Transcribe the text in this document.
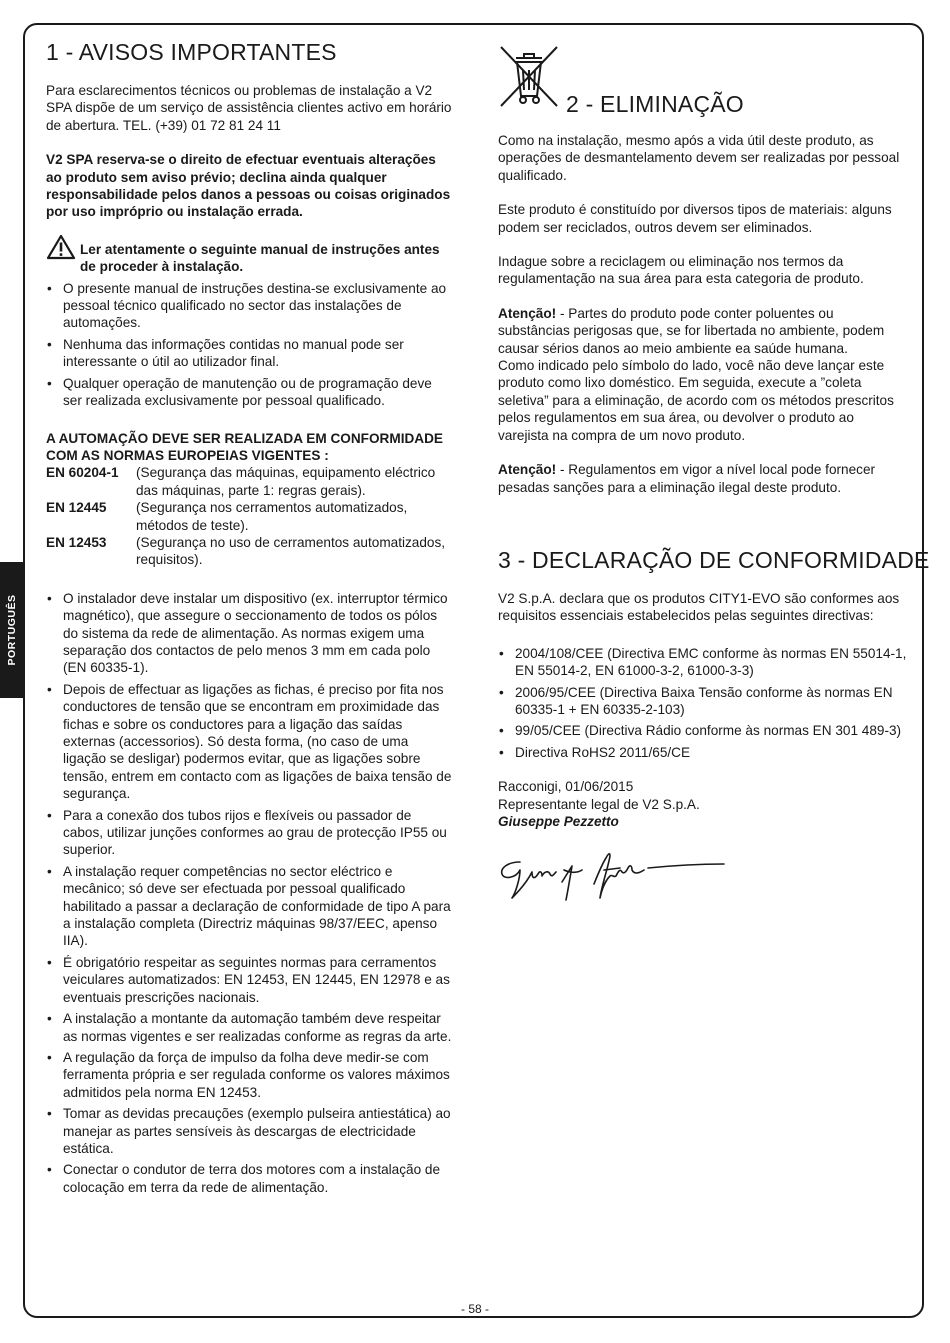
PORTUGUÊS
1 - AVISOS IMPORTANTES

Para esclarecimentos técnicos ou problemas de instalação a V2 SPA dispõe de um serviço de assistência clientes activo em horário de abertura. TEL. (+39) 01 72 81 24 11

V2 SPA reserva-se o direito de efectuar eventuais alterações ao produto sem aviso prévio; declina ainda qualquer responsabilidade pelos danos a pessoas ou coisas originados por uso impróprio ou instalação errada.

Ler atentamente o seguinte manual de instruções antes de proceder à instalação.

• O presente manual de instruções destina-se exclusivamente ao pessoal técnico qualificado no sector das instalações de automações.
• Nenhuma das informações contidas no manual pode ser interessante o útil ao utilizador final.
• Qualquer operação de manutenção ou de programação deve ser realizada exclusivamente por pessoal qualificado.

A AUTOMAÇÃO DEVE SER REALIZADA EM CONFORMIDADE COM AS NORMAS EUROPEIAS VIGENTES :

EN 60204-1	(Segurança das máquinas, equipamento eléctrico das máquinas, parte 1: regras gerais).
EN 12445	(Segurança nos cerramentos automatizados, métodos de teste).
EN 12453	(Segurança no uso de cerramentos automatizados, requisitos).
• O instalador deve instalar um dispositivo (ex. interruptor térmico magnético), que assegure o seccionamento de todos os pólos do sistema da rede de alimentação. As normas exigem uma separação dos contactos de pelo menos 3 mm em cada polo (EN 60335-1).
• Depois de effectuar as ligações as fichas, é preciso por fita nos conductores de tensão que se encontram em proximidade das fichas e sobre os conductores para a ligação das saídas externas (accessorios). Só desta forma, (no caso de uma ligação se desligar) podermos evitar, que as ligações sobre tensão, entrem em contacto com as ligações de baixa tensão de segurança.
• Para a conexão dos tubos rijos e flexíveis ou passador de cabos, utilizar junções conformes ao grau de protecção IP55 ou superior.
• A instalação requer competências no sector eléctrico e mecânico; só deve ser efectuada por pessoal qualificado habilitado a passar a declaração de conformidade de tipo A para a instalação completa (Directriz máquinas 98/37/EEC, apenso IIA).
• É obrigatório respeitar as seguintes normas para cerramentos veiculares automatizados: EN 12453, EN 12445, EN 12978 e as eventuais prescrições nacionais.
• A instalação a montante da automação também deve respeitar as normas vigentes e ser realizadas conforme as regras da arte.
• A regulação da força de impulso da folha deve medir-se com ferramenta própria e ser regulada conforme os valores máximos admitidos pela norma EN 12453.
• Tomar as devidas precauções (exemplo pulseira antiestática) ao manejar as partes sensíveis às descargas de electricidade estática.
• Conectar o condutor de terra dos motores com a instalação de colocação em terra da rede de alimentação.
2 - ELIMINAÇÃO

Como na instalação, mesmo após a vida útil deste produto, as operações de desmantelamento devem ser realizadas por pessoal qualificado.

Este produto é constituído por diversos tipos de materiais: alguns podem ser reciclados, outros devem ser eliminados.

Indague sobre a reciclagem ou eliminação nos termos da regulamentação na sua área para esta categoria de produto.

Atenção! - Partes do produto pode conter poluentes ou substâncias perigosas que, se for libertada no ambiente, podem causar sérios danos ao meio ambiente ea saúde humana.

Como indicado pelo símbolo do lado, você não deve lançar este produto como lixo doméstico. Em seguida, execute a ”coleta seletiva” para a eliminação, de acordo com os métodos prescritos pelos regulamentos em sua área, ou devolver o produto ao varejista na compra de um novo produto.

Atenção! - Regulamentos em vigor a nível local pode fornecer pesadas sanções para a eliminação ilegal deste produto.

3 - DECLARAÇÃO DE CONFORMIDADE

V2 S.p.A. declara que os produtos CITY1-EVO são conformes aos requisitos essenciais estabelecidos pelas seguintes directivas:

• 2004/108/CEE (Directiva EMC conforme às normas EN 55014-1, EN 55014-2, EN 61000-3-2, 61000-3-3)
• 2006/95/CEE (Directiva Baixa Tensão conforme às normas EN 60335-1 + EN 60335-2-103)
• 99/05/CEE (Directiva Rádio conforme às normas EN 301 489-3)
• Directiva RoHS2 2011/65/CE

Racconigi, 01/06/2015

Representante legal de V2 S.p.A.

Giuseppe Pezzetto

- 58 -
